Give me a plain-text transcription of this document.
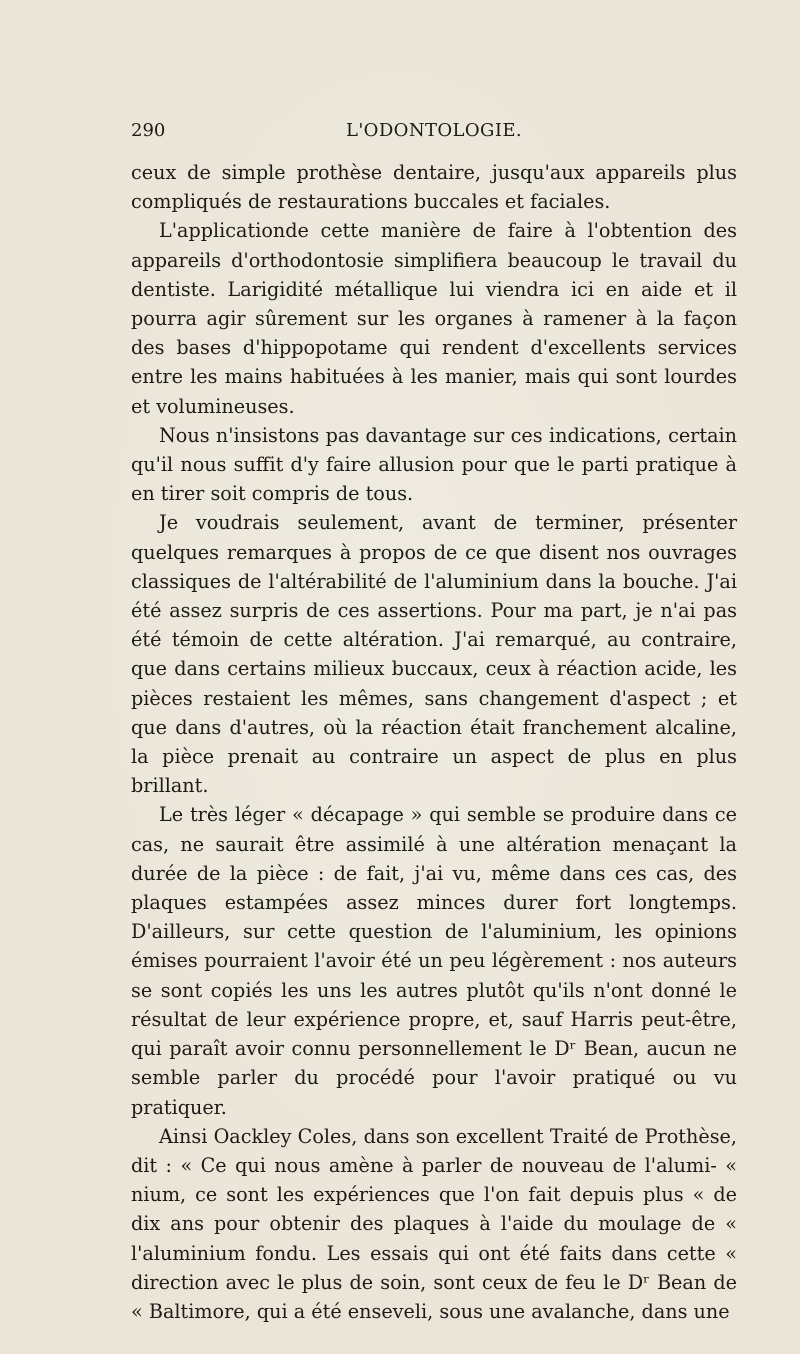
290	L'ODONTOLOGIE.

ceux de simple prothèse dentaire, jusqu'aux appareils plus compliqués de restaurations buccales et faciales.

L'applicationde cette manière de faire à l'obtention des appareils d'orthodontosie simplifiera beaucoup le travail du dentiste. Larigidité métallique lui viendra ici en aide et il pourra agir sûrement sur les organes à ramener à la façon des bases d'hippopotame qui rendent d'excellents services entre les mains habituées à les manier, mais qui sont lourdes et volumineuses.

Nous n'insistons pas davantage sur ces indications, certain qu'il nous suffit d'y faire allusion pour que le parti pratique à en tirer soit compris de tous.

Je voudrais seulement, avant de terminer, présenter quelques remarques à propos de ce que disent nos ouvrages classiques de l'altérabilité de l'aluminium dans la bouche. J'ai été assez surpris de ces assertions. Pour ma part, je n'ai pas été témoin de cette altération. J'ai remarqué, au contraire, que dans certains milieux buccaux, ceux à réaction acide, les pièces restaient les mêmes, sans changement d'aspect ; et que dans d'autres, où la réaction était franchement alcaline, la pièce prenait au contraire un aspect de plus en plus brillant.

Le très léger « décapage » qui semble se produire dans ce cas, ne saurait être assimilé à une altération menaçant la durée de la pièce : de fait, j'ai vu, même dans ces cas, des plaques estampées assez minces durer fort longtemps. D'ailleurs, sur cette question de l'aluminium, les opinions émises pourraient l'avoir été un peu légèrement : nos auteurs se sont copiés les uns les autres plutôt qu'ils n'ont donné le résultat de leur expérience propre, et, sauf Harris peut-être, qui paraît avoir connu personnellement le Dʳ Bean, aucun ne semble parler du procédé pour l'avoir pratiqué ou vu pratiquer.

Ainsi Oackley Coles, dans son excellent Traité de Prothèse, dit : « Ce qui nous amène à parler de nouveau de l'alumi- « nium, ce sont les expériences que l'on fait depuis plus « de dix ans pour obtenir des plaques à l'aide du moulage de « l'aluminium fondu. Les essais qui ont été faits dans cette « direction avec le plus de soin, sont ceux de feu le Dʳ Bean de « Baltimore, qui a été enseveli, sous une avalanche, dans une
